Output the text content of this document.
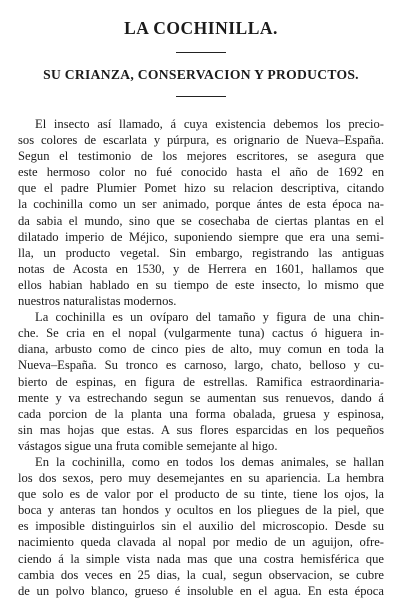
LA COCHINILLA.
SU CRIANZA, CONSERVACION Y PRODUCTOS.
El insecto así llamado, á cuya existencia debemos los precio-
sos colores de escarlata y púrpura, es orignario de Nueva–España.
Segun el testimonio de los mejores escritores, se asegura que
este hermoso color no fué conocido hasta el año de 1692 en
que el padre Plumier Pomet hizo su relacion descriptiva, citando
la cochinilla como un ser animado, porque ántes de esta época na-
da sabia el mundo, sino que se cosechaba de ciertas plantas en el
dilatado imperio de Méjico, suponiendo siempre que era una semi-
lla, un producto vegetal. Sin embargo, registrando las antiguas
notas de Acosta en 1530, y de Herrera en 1601, hallamos que
ellos habian hablado en su tiempo de este insecto, lo mismo que
nuestros naturalistas modernos.
La cochinilla es un ovíparo del tamaño y figura de una chin-
che. Se cria en el nopal (vulgarmente tuna) cactus ó higuera in-
diana, arbusto como de cinco pies de alto, muy comun en toda la
Nueva–España. Su tronco es carnoso, largo, chato, belloso y cu-
bierto de espinas, en figura de estrellas. Ramifica estraordinaria-
mente y va estrechando segun se aumentan sus renuevos, dando á
cada porcion de la planta una forma obalada, gruesa y espinosa,
sin mas hojas que estas. A sus flores esparcidas en los pequeños
vástagos sigue una fruta comible semejante al higo.
En la cochinilla, como en todos los demas animales, se hallan
los dos sexos, pero muy desemejantes en su apariencia. La hembra
que solo es de valor por el producto de su tinte, tiene los ojos, la
boca y anteras tan hondos y ocultos en los pliegues de la piel, que
es imposible distinguirlos sin el auxilio del microscopio. Desde su
nacimiento queda clavada al nopal por medio de un aguijon, ofre-
ciendo á la simple vista nada mas que una costra hemisférica que
cambia dos veces en 25 dias, la cual, segun observacion, se cubre
de un polvo blanco, grueso é insoluble en el agua. En esta época
